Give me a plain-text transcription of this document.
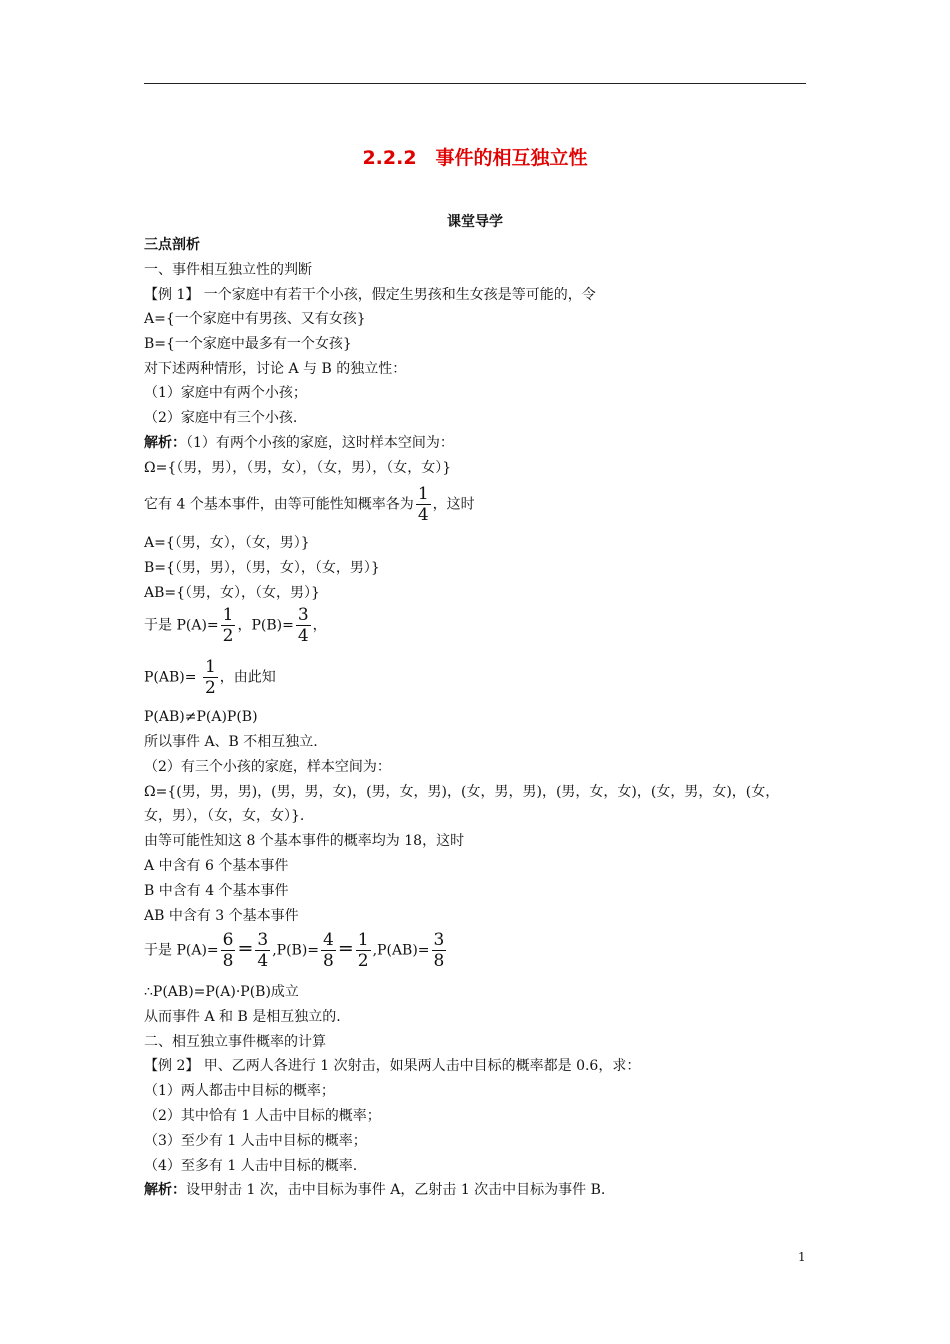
2.2.2　事件的相互独立性
课堂导学
三点剖析
一、事件相互独立性的判断
【例 1】 一个家庭中有若干个小孩，假定生男孩和生女孩是等可能的，令
A={一个家庭中有男孩、又有女孩}
B={一个家庭中最多有一个女孩}
对下述两种情形，讨论 A 与 B 的独立性：
（1）家庭中有两个小孩；
（2）家庭中有三个小孩.
解析：（1）有两个小孩的家庭，这时样本空间为：
Ω={（男，男），（男，女），（女，男），（女，女）}
它有 4 个基本事件，由等可能性知概率各为 $\frac{1}{4}$ ，这时
A={（男，女），（女，男）}
B={（男，男），（男，女），（女，男）}
AB={（男，女），（女，男）}
于是 $P(A)= \frac{1}{2}$ ，$P(B)= \frac{3}{4}$ ，
$P(AB)= \frac{1}{2}$ ，由此知
P(AB)≠P(A)P(B)
所以事件 A、B 不相互独立.
（2）有三个小孩的家庭，样本空间为：
Ω={(男，男，男)，(男，男，女)，(男，女，男)，(女，男，男)，(男，女，女)，(女，男，女)，(女，
女，男），（女，女，女）}.
由等可能性知这 8 个基本事件的概率均为 18，这时
A 中含有 6 个基本事件
B 中含有 4 个基本事件
AB 中含有 3 个基本事件
于是 $P(A)= \frac{6}{8} = \frac{3}{4} ,P(B)= \frac{4}{8} = \frac{1}{2} ,P(AB)= \frac{3}{8}$
∴P(AB)=P(A)·P(B)成立
从而事件 A 和 B 是相互独立的.
二、相互独立事件概率的计算
【例 2】 甲、乙两人各进行 1 次射击，如果两人击中目标的概率都是 0.6，求：
（1）两人都击中目标的概率；
（2）其中恰有 1 人击中目标的概率；
（3）至少有 1 人击中目标的概率；
（4）至多有 1 人击中目标的概率.
解析：设甲射击 1 次，击中目标为事件 A，乙射击 1 次击中目标为事件 B.
1
